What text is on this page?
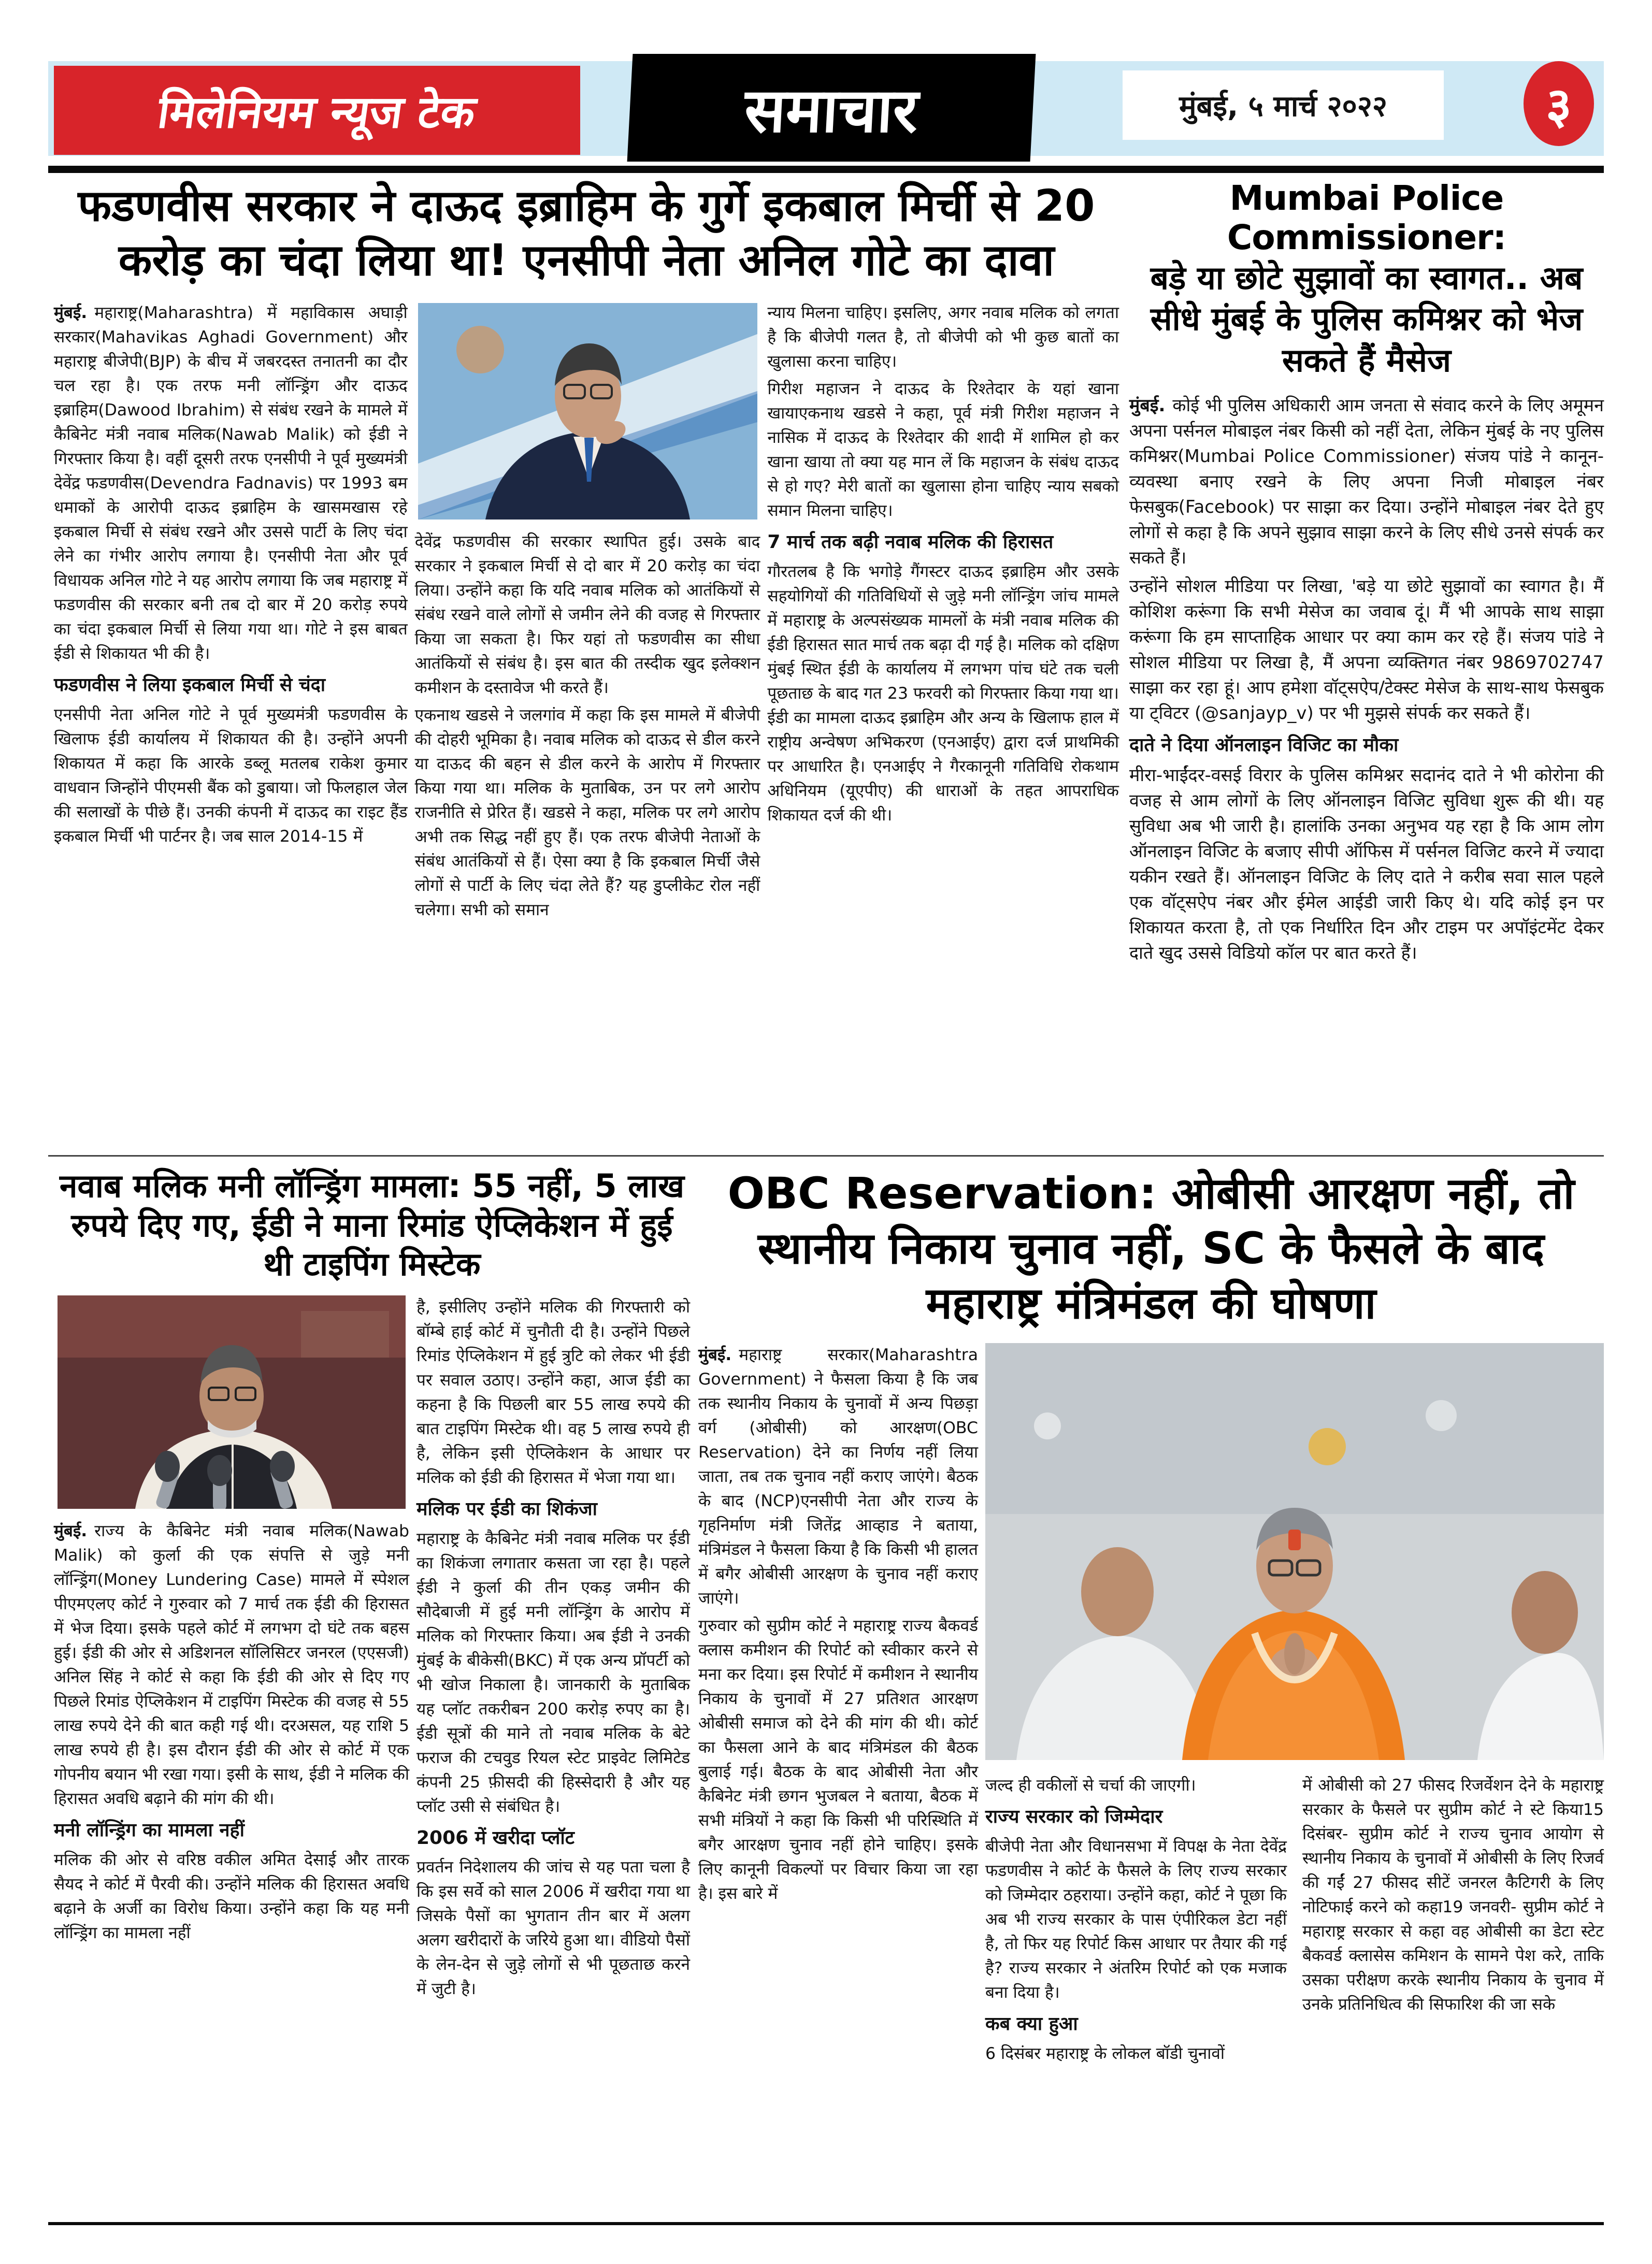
मिलेनियम न्यूज टेक	समाचार	मुंबई, ५ मार्च २०२२	३
फडणवीस सरकार ने दाऊद इब्राहिम के गुर्गे इकबाल मिर्ची से 20 करोड़ का चंदा लिया था! एनसीपी नेता अनिल गोटे का दावा

मुंबई. महाराष्ट्र(Maharashtra) में महाविकास अघाड़ी सरकार(Mahavikas Aghadi Government) और महाराष्ट्र बीजेपी(BJP) के बीच में जबरदस्त तनातनी का दौर चल रहा है। एक तरफ मनी लॉन्ड्रिंग और दाऊद इब्राहिम(Dawood Ibrahim) से संबंध रखने के मामले में कैबिनेट मंत्री नवाब मलिक(Nawab Malik) को ईडी ने गिरफ्तार किया है। वहीं दूसरी तरफ एनसीपी ने पूर्व मुख्यमंत्री देवेंद्र फडणवीस(Devendra Fadnavis) पर 1993 बम धमाकों के आरोपी दाऊद इब्राहिम के खासमखास रहे इकबाल मिर्ची से संबंध रखने और उससे पार्टी के लिए चंदा लेने का गंभीर आरोप लगाया है। एनसीपी नेता और पूर्व विधायक अनिल गोटे ने यह आरोप लगाया कि जब महाराष्ट्र में फडणवीस की सरकार बनी तब दो बार में 20 करोड़ रुपये का चंदा इकबाल मिर्ची से लिया गया था। गोटे ने इस बाबत ईडी से शिकायत भी की है।

फडणवीस ने लिया इकबाल मिर्ची से चंदा

एनसीपी नेता अनिल गोटे ने पूर्व मुख्यमंत्री फडणवीस के खिलाफ ईडी कार्यालय में शिकायत की है। उन्होंने अपनी शिकायत में कहा कि आरके डब्लू मतलब राकेश कुमार वाधवान जिन्होंने पीएमसी बैंक को डुबाया। जो फिलहाल जेल की सलाखों के पीछे हैं। उनकी कंपनी में दाऊद का राइट हैंड इकबाल मिर्ची भी पार्टनर है। जब साल 2014-15 में

देवेंद्र फडणवीस की सरकार स्थापित हुई। उसके बाद सरकार ने इकबाल मिर्ची से दो बार में 20 करोड़ का चंदा लिया। उन्होंने कहा कि यदि नवाब मलिक को आतंकियों से संबंध रखने वाले लोगों से जमीन लेने की वजह से गिरफ्तार किया जा सकता है। फिर यहां तो फडणवीस का सीधा आतंकियों से संबंध है। इस बात की तस्दीक खुद इलेक्शन कमीशन के दस्तावेज भी करते हैं।

एकनाथ खडसे ने जलगांव में कहा कि इस मामले में बीजेपी की दोहरी भूमिका है। नवाब मलिक को दाऊद से डील करने या दाऊद की बहन से डील करने के आरोप में गिरफ्तार किया गया था। मलिक के मुताबिक, उन पर लगे आरोप राजनीति से प्रेरित हैं। खडसे ने कहा, मलिक पर लगे आरोप अभी तक सिद्ध नहीं हुए हैं। एक तरफ बीजेपी नेताओं के संबंध आतंकियों से हैं। ऐसा क्या है कि इकबाल मिर्ची जैसे लोगों से पार्टी के लिए चंदा लेते हैं? यह डुप्लीकेट रोल नहीं चलेगा। सभी को समान

न्याय मिलना चाहिए। इसलिए, अगर नवाब मलिक को लगता है कि बीजेपी गलत है, तो बीजेपी को भी कुछ बातों का खुलासा करना चाहिए।

गिरीश महाजन ने दाऊद के रिश्तेदार के यहां खाना खायाएकनाथ खडसे ने कहा, पूर्व मंत्री गिरीश महाजन ने नासिक में दाऊद के रिश्तेदार की शादी में शामिल हो कर खाना खाया तो क्या यह मान लें कि महाजन के संबंध दाऊद से हो गए? मेरी बातों का खुलासा होना चाहिए न्याय सबको समान मिलना चाहिए।

7 मार्च तक बढ़ी नवाब मलिक की हिरासत

गौरतलब है कि भगोड़े गैंगस्टर दाऊद इब्राहिम और उसके सहयोगियों की गतिविधियों से जुड़े मनी लॉन्ड्रिंग जांच मामले में महाराष्ट्र के अल्पसंख्यक मामलों के मंत्री नवाब मलिक की ईडी हिरासत सात मार्च तक बढ़ा दी गई है। मलिक को दक्षिण मुंबई स्थित ईडी के कार्यालय में लगभग पांच घंटे तक चली पूछताछ के बाद गत 23 फरवरी को गिरफ्तार किया गया था।ईडी का मामला दाऊद इब्राहिम और अन्य के खिलाफ हाल में राष्ट्रीय अन्वेषण अभिकरण (एनआईए) द्वारा दर्ज प्राथमिकी पर आधारित है। एनआईए ने गैरकानूनी गतिविधि रोकथाम अधिनियम (यूएपीए) की धाराओं के तहत आपराधिक शिकायत दर्ज की थी।

Mumbai Police Commissioner:
बड़े या छोटे सुझावों का स्वागत.. अब सीधे मुंबई के पुलिस कमिश्नर को भेज सकते हैं मैसेज

मुंबई. कोई भी पुलिस अधिकारी आम जनता से संवाद करने के लिए अमूमन अपना पर्सनल मोबाइल नंबर किसी को नहीं देता, लेकिन मुंबई के नए पुलिस कमिश्नर(Mumbai Police Commissioner) संजय पांडे ने कानून-व्यवस्था बनाए रखने के लिए अपना निजी मोबाइल नंबर फेसबुक(Facebook) पर साझा कर दिया। उन्होंने मोबाइल नंबर देते हुए लोगों से कहा है कि अपने सुझाव साझा करने के लिए सीधे उनसे संपर्क कर सकते हैं।

उन्होंने सोशल मीडिया पर लिखा, 'बड़े या छोटे सुझावों का स्वागत है। मैं कोशिश करूंगा कि सभी मेसेज का जवाब दूं। मैं भी आपके साथ साझा करूंगा कि हम साप्ताहिक आधार पर क्या काम कर रहे हैं। संजय पांडे ने सोशल मीडिया पर लिखा है, मैं अपना व्यक्तिगत नंबर 9869702747 साझा कर रहा हूं। आप हमेशा वॉट्सऐप/टेक्स्ट मेसेज के साथ-साथ फेसबुक या ट्विटर (@sanjayp_v) पर भी मुझसे संपर्क कर सकते हैं।

दाते ने दिया ऑनलाइन विजिट का मौका

मीरा-भाईंदर-वसई विरार के पुलिस कमिश्नर सदानंद दाते ने भी कोरोना की वजह से आम लोगों के लिए ऑनलाइन विजिट सुविधा शुरू की थी। यह सुविधा अब भी जारी है। हालांकि उनका अनुभव यह रहा है कि आम लोग ऑनलाइन विजिट के बजाए सीपी ऑफिस में पर्सनल विजिट करने में ज्यादा यकीन रखते हैं। ऑनलाइन विजिट के लिए दाते ने करीब सवा साल पहले एक वॉट्सऐप नंबर और ईमेल आईडी जारी किए थे। यदि कोई इन पर शिकायत करता है, तो एक निर्धारित दिन और टाइम पर अपॉइंटमेंट देकर दाते खुद उससे विडियो कॉल पर बात करते हैं।

नवाब मलिक मनी लॉन्ड्रिंग मामला: 55 नहीं, 5 लाख रुपये दिए गए, ईडी ने माना रिमांड ऐप्लिकेशन में हुई थी टाइपिंग मिस्टेक

मुंबई. राज्य के कैबिनेट मंत्री नवाब मलिक(Nawab Malik) को कुर्ला की एक संपत्ति से जुड़े मनी लॉन्ड्रिंग(Money Lundering Case) मामले में स्पेशल पीएमएलए कोर्ट ने गुरुवार को 7 मार्च तक ईडी की हिरासत में भेज दिया। इसके पहले कोर्ट में लगभग दो घंटे तक बहस हुई। ईडी की ओर से अडिशनल सॉलिसिटर जनरल (एएसजी) अनिल सिंह ने कोर्ट से कहा कि ईडी की ओर से दिए गए पिछले रिमांड ऐप्लिकेशन में टाइपिंग मिस्टेक की वजह से 55 लाख रुपये देने की बात कही गई थी। दरअसल, यह राशि 5 लाख रुपये ही है। इस दौरान ईडी की ओर से कोर्ट में एक गोपनीय बयान भी रखा गया। इसी के साथ, ईडी ने मलिक की हिरासत अवधि बढ़ाने की मांग की थी।

मनी लॉन्ड्रिंग का मामला नहीं

मलिक की ओर से वरिष्ठ वकील अमित देसाई और तारक सैयद ने कोर्ट में पैरवी की। उन्होंने मलिक की हिरासत अवधि बढ़ाने के अर्जी का विरोध किया। उन्होंने कहा कि यह मनी लॉन्ड्रिंग का मामला नहीं

है, इसीलिए उन्होंने मलिक की गिरफ्तारी को बॉम्बे हाई कोर्ट में चुनौती दी है। उन्होंने पिछले रिमांड ऐप्लिकेशन में हुई त्रुटि को लेकर भी ईडी पर सवाल उठाए। उन्होंने कहा, आज ईडी का कहना है कि पिछली बार 55 लाख रुपये की बात टाइपिंग मिस्टेक थी। वह 5 लाख रुपये ही है, लेकिन इसी ऐप्लिकेशन के आधार पर मलिक को ईडी की हिरासत में भेजा गया था।

मलिक पर ईडी का शिकंजा

महाराष्ट्र के कैबिनेट मंत्री नवाब मलिक पर ईडी का शिकंजा लगातार कसता जा रहा है। पहले ईडी ने कुर्ला की तीन एकड़ जमीन की सौदेबाजी में हुई मनी लॉन्ड्रिंग के आरोप में मलिक को गिरफ्तार किया। अब ईडी ने उनकी मुंबई के बीकेसी(BKC) में एक अन्य प्रॉपर्टी को भी खोज निकाला है। जानकारी के मुताबिक यह प्लॉट तकरीबन 200 करोड़ रुपए का है। ईडी सूत्रों की माने तो नवाब मलिक के बेटे फराज की टचवुड रियल स्टेट प्राइवेट लिमिटेड कंपनी 25 फ़ीसदी की हिस्सेदारी है और यह प्लॉट उसी से संबंधित है।

2006 में खरीदा प्लॉट

प्रवर्तन निदेशालय की जांच से यह पता चला है कि इस सर्वे को साल 2006 में खरीदा गया था जिसके पैसों का भुगतान तीन बार में अलग अलग खरीदारों के जरिये हुआ था। वीडियो पैसों के लेन-देन से जुड़े लोगों से भी पूछताछ करने में जुटी है।

OBC Reservation: ओबीसी आरक्षण नहीं, तो स्थानीय निकाय चुनाव नहीं, SC के फैसले के बाद महाराष्ट्र मंत्रिमंडल की घोषणा

मुंबई. महाराष्ट्र सरकार(Maharashtra Government) ने फैसला किया है कि जब तक स्थानीय निकाय के चुनावों में अन्य पिछड़ा वर्ग (ओबीसी) को आरक्षण(OBC Reservation) देने का निर्णय नहीं लिया जाता, तब तक चुनाव नहीं कराए जाएंगे। बैठक के बाद (NCP)एनसीपी नेता और राज्य के गृहनिर्माण मंत्री जितेंद्र आव्हाड ने बताया, मंत्रिमंडल ने फैसला किया है कि किसी भी हालत में बगैर ओबीसी आरक्षण के चुनाव नहीं कराए जाएंगे।

गुरुवार को सुप्रीम कोर्ट ने महाराष्ट्र राज्य बैकवर्ड क्लास कमीशन की रिपोर्ट को स्वीकार करने से मना कर दिया। इस रिपोर्ट में कमीशन ने स्थानीय निकाय के चुनावों में 27 प्रतिशत आरक्षण ओबीसी समाज को देने की मांग की थी। कोर्ट का फैसला आने के बाद मंत्रिमंडल की बैठक बुलाई गई। बैठक के बाद ओबीसी नेता और कैबिनेट मंत्री छगन भुजबल ने बताया, बैठक में सभी मंत्रियों ने कहा कि किसी भी परिस्थिति में बगैर आरक्षण चुनाव नहीं होने चाहिए। इसके लिए कानूनी विकल्पों पर विचार किया जा रहा है। इस बारे में

जल्द ही वकीलों से चर्चा की जाएगी।

राज्य सरकार को जिम्मेदार

बीजेपी नेता और विधानसभा में विपक्ष के नेता देवेंद्र फडणवीस ने कोर्ट के फैसले के लिए राज्य सरकार को जिम्मेदार ठहराया। उन्होंने कहा, कोर्ट ने पूछा कि अब भी राज्य सरकार के पास एंपीरिकल डेटा नहीं है, तो फिर यह रिपोर्ट किस आधार पर तैयार की गई है? राज्य सरकार ने अंतरिम रिपोर्ट को एक मजाक बना दिया है।

कब क्या हुआ

6 दिसंबर महाराष्ट्र के लोकल बॉडी चुनावों

में ओबीसी को 27 फीसद रिजर्वेशन देने के महाराष्ट्र सरकार के फैसले पर सुप्रीम कोर्ट ने स्टे किया15 दिसंबर- सुप्रीम कोर्ट ने राज्य चुनाव आयोग से स्थानीय निकाय के चुनावों में ओबीसी के लिए रिजर्व की गईं 27 फीसद सीटें जनरल कैटिगरी के लिए नोटिफाई करने को कहा19 जनवरी- सुप्रीम कोर्ट ने महाराष्ट्र सरकार से कहा वह ओबीसी का डेटा स्टेट बैकवर्ड क्लासेस कमिशन के सामने पेश करे, ताकि उसका परीक्षण करके स्थानीय निकाय के चुनाव में उनके प्रतिनिधित्व की सिफारिश की जा सके
